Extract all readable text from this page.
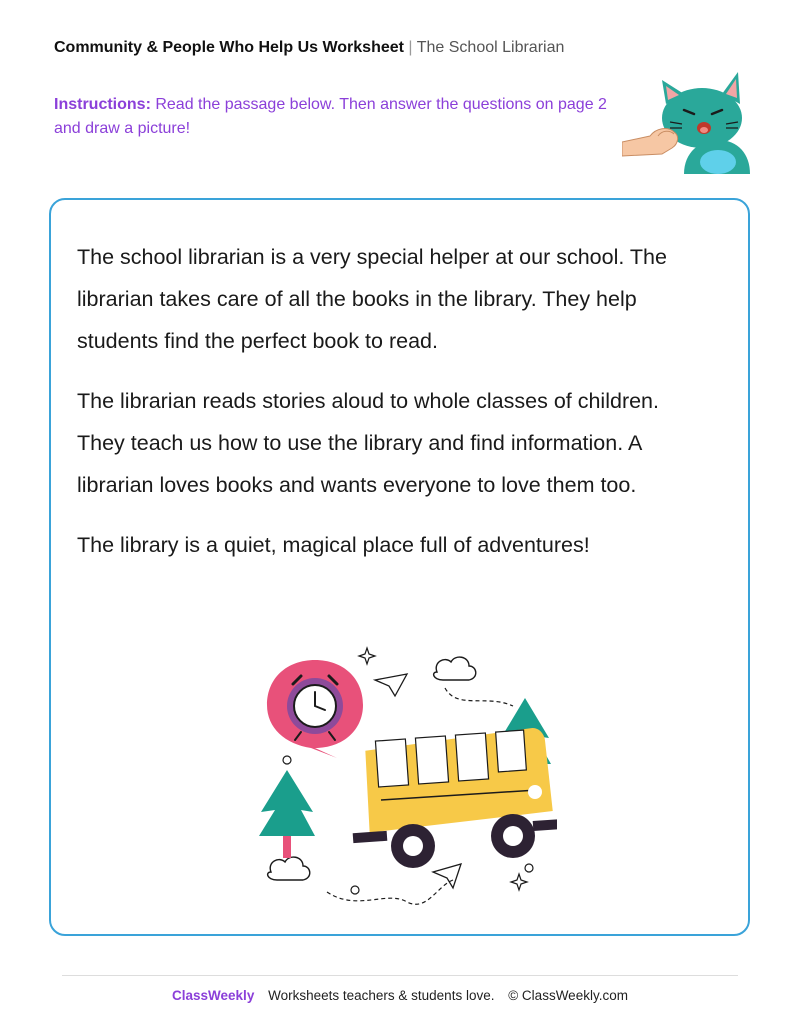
Community & People Who Help Us Worksheet | The School Librarian
Instructions: Read the passage below. Then answer the questions on page 2 and draw a picture!

The school librarian is a very special helper at our school. The librarian takes care of all the books in the library. They help students find the perfect book to read.

The librarian reads stories aloud to whole classes of children. They teach us how to use the library and find information. A librarian loves books and wants everyone to love them too.

The library is a quiet, magical place full of adventures!

ClassWeekly Worksheets teachers & students love. © ClassWeekly.com
